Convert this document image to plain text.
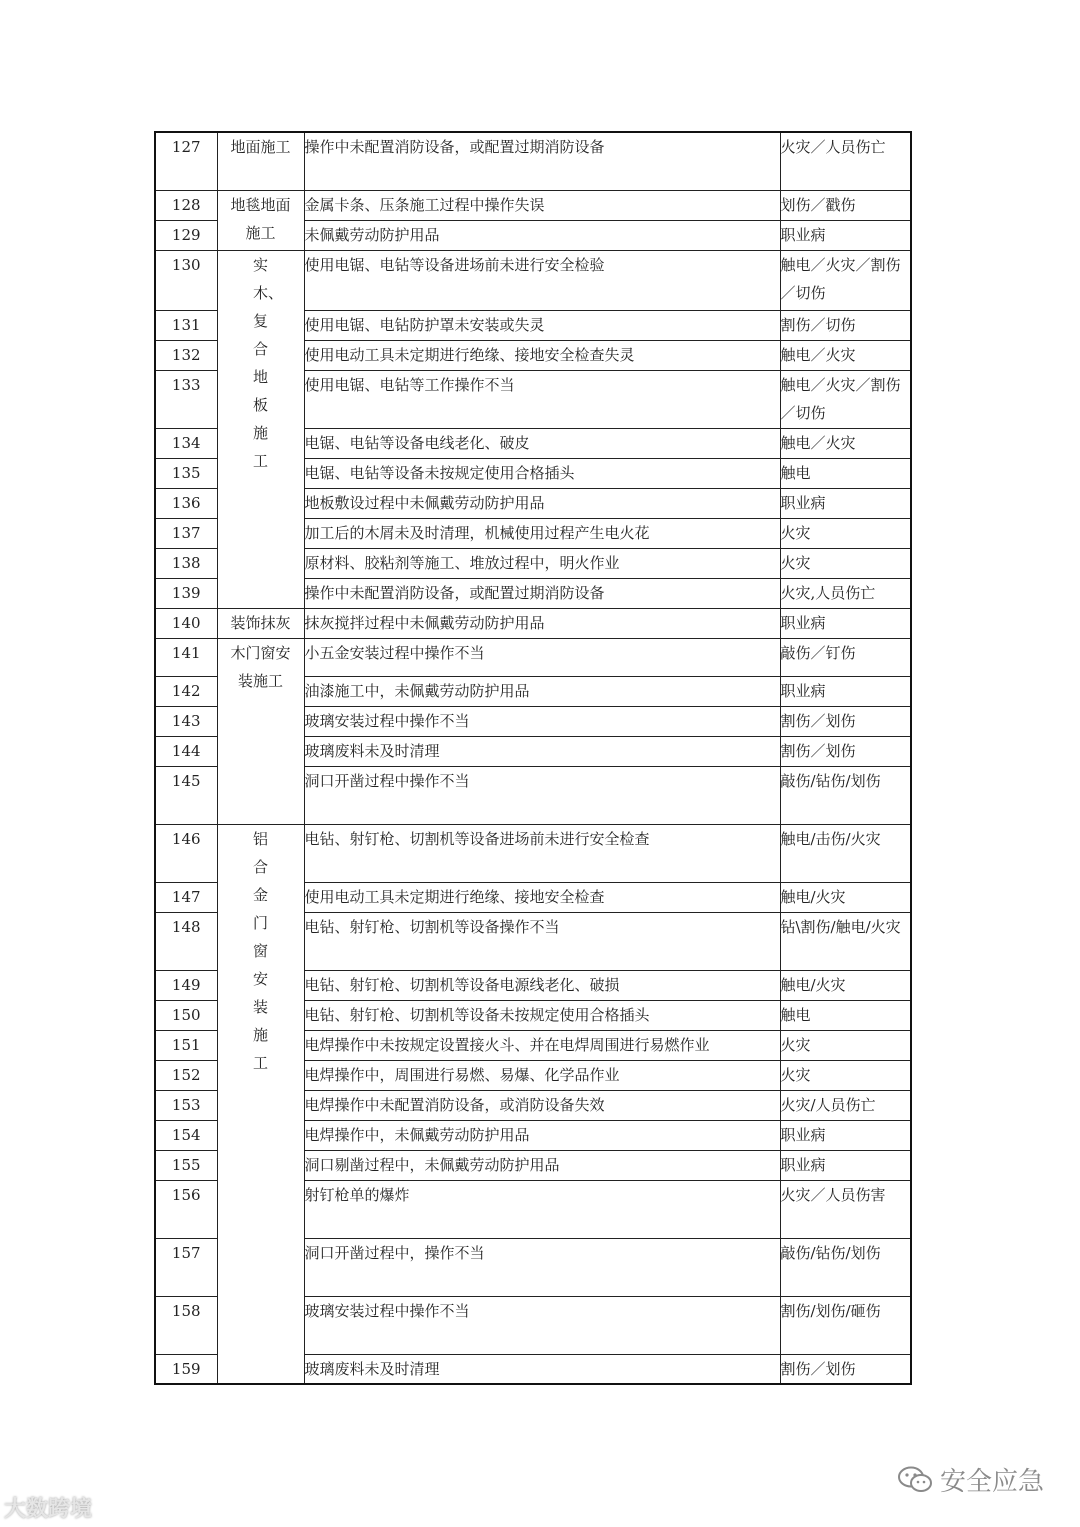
127	地面施工	操作中未配置消防设备，或配置过期消防设备	火灾／人员伤亡
128	地毯地面施工	金属卡条、压条施工过程中操作失误	划伤／戳伤
129		未佩戴劳动防护用品	职业病
130	实木、复合地板施工	使用电锯、电钻等设备进场前未进行安全检验	触电／火灾／割伤／切伤
131		使用电锯、电钻防护罩未安装或失灵	割伤／切伤
132		使用电动工具未定期进行绝缘、接地安全检查失灵	触电／火灾
133		使用电锯、电钻等工作操作不当	触电／火灾／割伤／切伤
134		电锯、电钻等设备电线老化、破皮	触电／火灾
135		电锯、电钻等设备未按规定使用合格插头	触电
136		地板敷设过程中未佩戴劳动防护用品	职业病
137		加工后的木屑未及时清理，机械使用过程产生电火花	火灾
138		原材料、胶粘剂等施工、堆放过程中，明火作业	火灾
139		操作中未配置消防设备，或配置过期消防设备	火灾,人员伤亡
140	装饰抹灰	抹灰搅拌过程中未佩戴劳动防护用品	职业病
141	木门窗安装施工	小五金安装过程中操作不当	敲伤／钉伤
142		油漆施工中，未佩戴劳动防护用品	职业病
143		玻璃安装过程中操作不当	割伤／划伤
144		玻璃废料未及时清理	割伤／划伤
145		洞口开凿过程中操作不当	敲伤/钻伤/划伤
146	铝合金门窗安装施工	电钻、射钉枪、切割机等设备进场前未进行安全检查	触电/击伤/火灾
147		使用电动工具未定期进行绝缘、接地安全检查	触电/火灾
148		电钻、射钉枪、切割机等设备操作不当	钻\割伤/触电/火灾
149		电钻、射钉枪、切割机等设备电源线老化、破损	触电/火灾
150		电钻、射钉枪、切割机等设备未按规定使用合格插头	触电
151		电焊操作中未按规定设置接火斗、并在电焊周围进行易燃作业	火灾
152		电焊操作中，周围进行易燃、易爆、化学品作业	火灾
153		电焊操作中未配置消防设备，或消防设备失效	火灾/人员伤亡
154		电焊操作中，未佩戴劳动防护用品	职业病
155		洞口剔凿过程中，未佩戴劳动防护用品	职业病
156		射钉枪单的爆炸	火灾／人员伤害
157		洞口开凿过程中，操作不当	敲伤/钻伤/划伤
158		玻璃安装过程中操作不当	割伤/划伤/砸伤
159		玻璃废料未及时清理	割伤／划伤
大数跨境
安全应急
